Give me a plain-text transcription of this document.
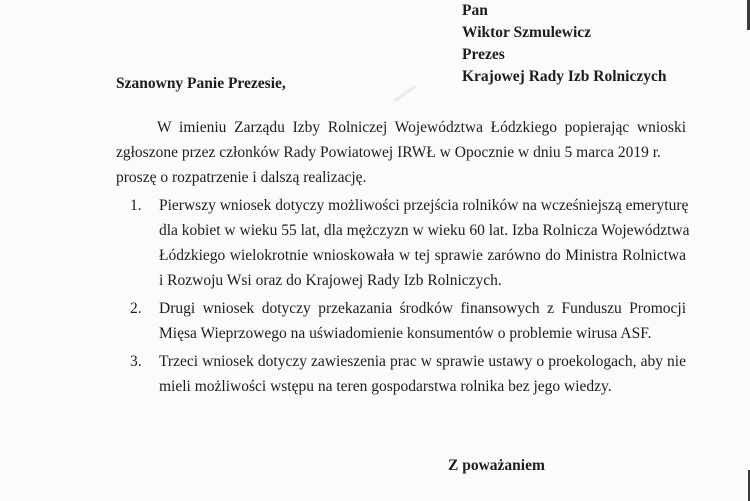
Pan
Wiktor Szmulewicz
Prezes
Krajowej Rady Izb Rolniczych
Szanowny Panie Prezesie,
W imieniu Zarządu Izby Rolniczej Województwa Łódzkiego popierając wnioski
zgłoszone przez członków Rady Powiatowej IRWŁ w Opocznie w dniu 5 marca 2019 r.
proszę o rozpatrzenie i dalszą realizację.
1. Pierwszy wniosek dotyczy możliwości przejścia rolników na wcześniejszą emeryturę
dla kobiet w wieku 55 lat, dla mężczyzn w wieku 60 lat. Izba Rolnicza Województwa
Łódzkiego wielokrotnie wnioskowała w tej sprawie zarówno do Ministra Rolnictwa
i Rozwoju Wsi oraz do Krajowej Rady Izb Rolniczych.
2. Drugi wniosek dotyczy przekazania środków finansowych z Funduszu Promocji
Mięsa Wieprzowego na uświadomienie konsumentów o problemie wirusa ASF.
3. Trzeci wniosek dotyczy zawieszenia prac w sprawie ustawy o proekologach, aby nie
mieli możliwości wstępu na teren gospodarstwa rolnika bez jego wiedzy.
Z poważaniem
